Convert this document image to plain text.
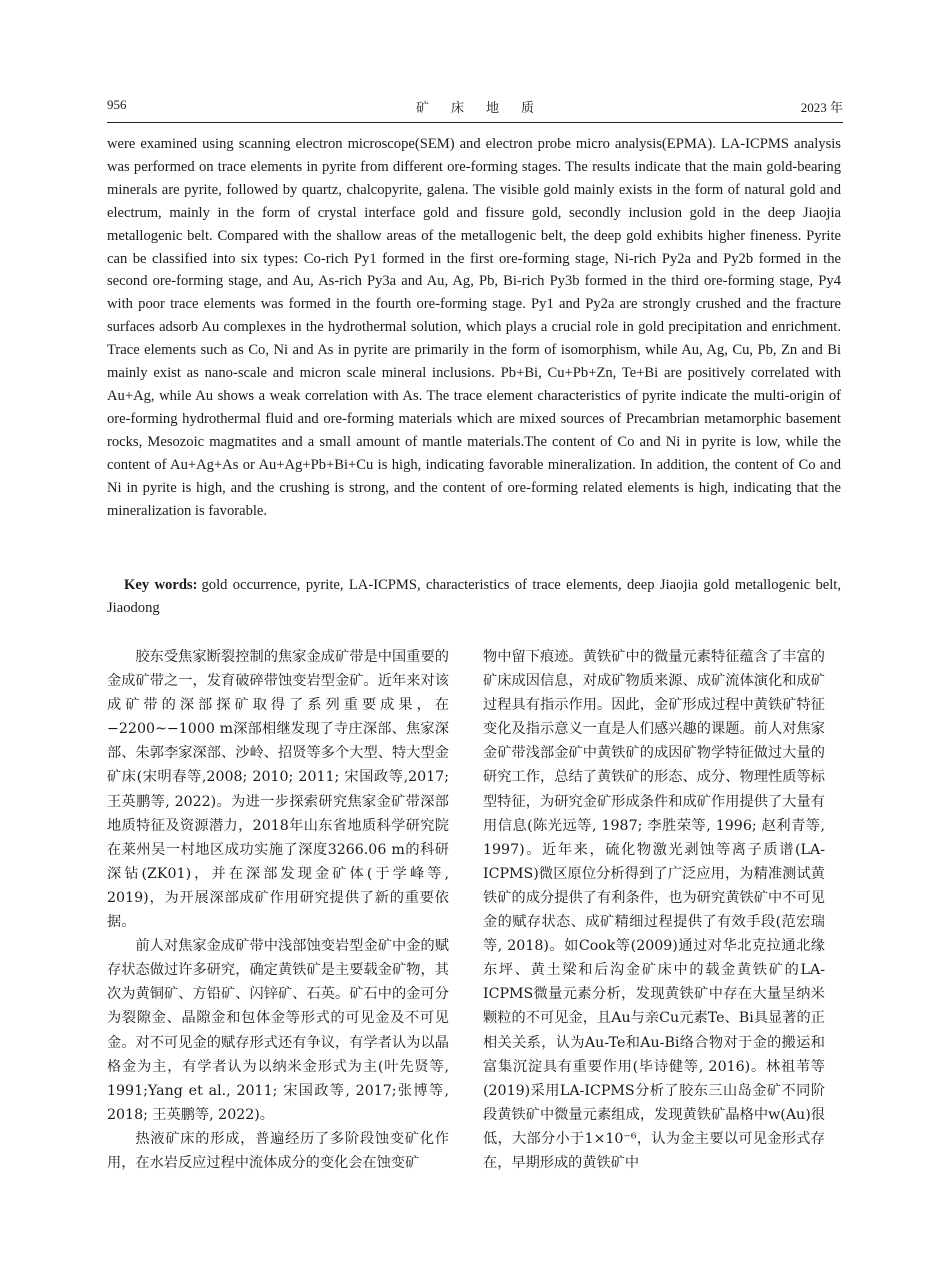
956	矿床地质	2023 年

were examined using scanning electron microscope(SEM) and electron probe micro analysis(EPMA). LA-ICPMS analysis was performed on trace elements in pyrite from different ore-forming stages. The results indicate that the main gold-bearing minerals are pyrite, followed by quartz, chalcopyrite, galena. The visible gold mainly exists in the form of natural gold and electrum, mainly in the form of crystal interface gold and fissure gold, secondly inclusion gold in the deep Jiaojia metallogenic belt. Compared with the shallow areas of the metallogenic belt, the deep gold exhibits higher fineness. Pyrite can be classified into six types: Co-rich Py1 formed in the first ore-forming stage, Ni-rich Py2a and Py2b formed in the second ore-forming stage, and Au, As-rich Py3a and Au, Ag, Pb, Bi-rich Py3b formed in the third ore-forming stage, Py4 with poor trace elements was formed in the fourth ore-forming stage. Py1 and Py2a are strongly crushed and the fracture surfaces adsorb Au complexes in the hydrothermal solution, which plays a crucial role in gold precipitation and enrichment. Trace elements such as Co, Ni and As in pyrite are primarily in the form of isomorphism, while Au, Ag, Cu, Pb, Zn and Bi mainly exist as nano-scale and micron scale mineral inclusions. Pb+Bi, Cu+Pb+Zn, Te+Bi are positively correlated with Au+Ag, while Au shows a weak correlation with As. The trace element characteristics of pyrite indicate the multi-origin of ore-forming hydrothermal fluid and ore-forming materials which are mixed sources of Precambrian metamorphic basement rocks, Mesozoic magmatites and a small amount of mantle materials.The content of Co and Ni in pyrite is low, while the content of Au+Ag+As or Au+Ag+Pb+Bi+Cu is high, indicating favorable mineralization. In addition, the content of Co and Ni in pyrite is high, and the crushing is strong, and the content of ore-forming related elements is high, indicating that the mineralization is favorable.

Key words: gold occurrence, pyrite, LA-ICPMS, characteristics of trace elements, deep Jiaojia gold metallogenic belt, Jiaodong

胶东受焦家断裂控制的焦家金成矿带是中国重要的金成矿带之一，发育破碎带蚀变岩型金矿。近年来对该成矿带的深部探矿取得了系列重要成果，在−2200~−1000 m深部相继发现了寺庄深部、焦家深部、朱郭李家深部、沙岭、招贤等多个大型、特大型金矿床(宋明春等,2008; 2010; 2011; 宋国政等,2017; 王英鹏等, 2022)。为进一步探索研究焦家金矿带深部地质特征及资源潜力，2018年山东省地质科学研究院在莱州吴一村地区成功实施了深度3266.06 m的科研深钻(ZK01)，并在深部发现金矿体(于学峰等, 2019)，为开展深部成矿作用研究提供了新的重要依据。

前人对焦家金成矿带中浅部蚀变岩型金矿中金的赋存状态做过许多研究，确定黄铁矿是主要载金矿物，其次为黄铜矿、方铅矿、闪锌矿、石英。矿石中的金可分为裂隙金、晶隙金和包体金等形式的可见金及不可见金。对不可见金的赋存形式还有争议，有学者认为以晶格金为主，有学者认为以纳米金形式为主(叶先贤等, 1991;Yang et al., 2011; 宋国政等, 2017;张博等, 2018; 王英鹏等, 2022)。

热液矿床的形成，普遍经历了多阶段蚀变矿化作用，在水岩反应过程中流体成分的变化会在蚀变矿

物中留下痕迹。黄铁矿中的微量元素特征蕴含了丰富的矿床成因信息，对成矿物质来源、成矿流体演化和成矿过程具有指示作用。因此，金矿形成过程中黄铁矿特征变化及指示意义一直是人们感兴趣的课题。前人对焦家金矿带浅部金矿中黄铁矿的成因矿物学特征做过大量的研究工作，总结了黄铁矿的形态、成分、物理性质等标型特征，为研究金矿形成条件和成矿作用提供了大量有用信息(陈光远等, 1987; 李胜荣等, 1996; 赵利青等, 1997)。近年来，硫化物激光剥蚀等离子质谱(LA-ICPMS)微区原位分析得到了广泛应用，为精准测试黄铁矿的成分提供了有利条件，也为研究黄铁矿中不可见金的赋存状态、成矿精细过程提供了有效手段(范宏瑞等, 2018)。如Cook等(2009)通过对华北克拉通北缘东坪、黄土梁和后沟金矿床中的载金黄铁矿的LA-ICPMS微量元素分析，发现黄铁矿中存在大量呈纳米颗粒的不可见金，且Au与亲Cu元素Te、Bi具显著的正相关关系，认为Au-Te和Au-Bi络合物对于金的搬运和富集沉淀具有重要作用(毕诗健等, 2016)。林祖苇等(2019)采用LA-ICPMS分析了胶东三山岛金矿不同阶段黄铁矿中微量元素组成，发现黄铁矿晶格中w(Au)很低，大部分小于1×10⁻⁶，认为金主要以可见金形式存在，早期形成的黄铁矿中
